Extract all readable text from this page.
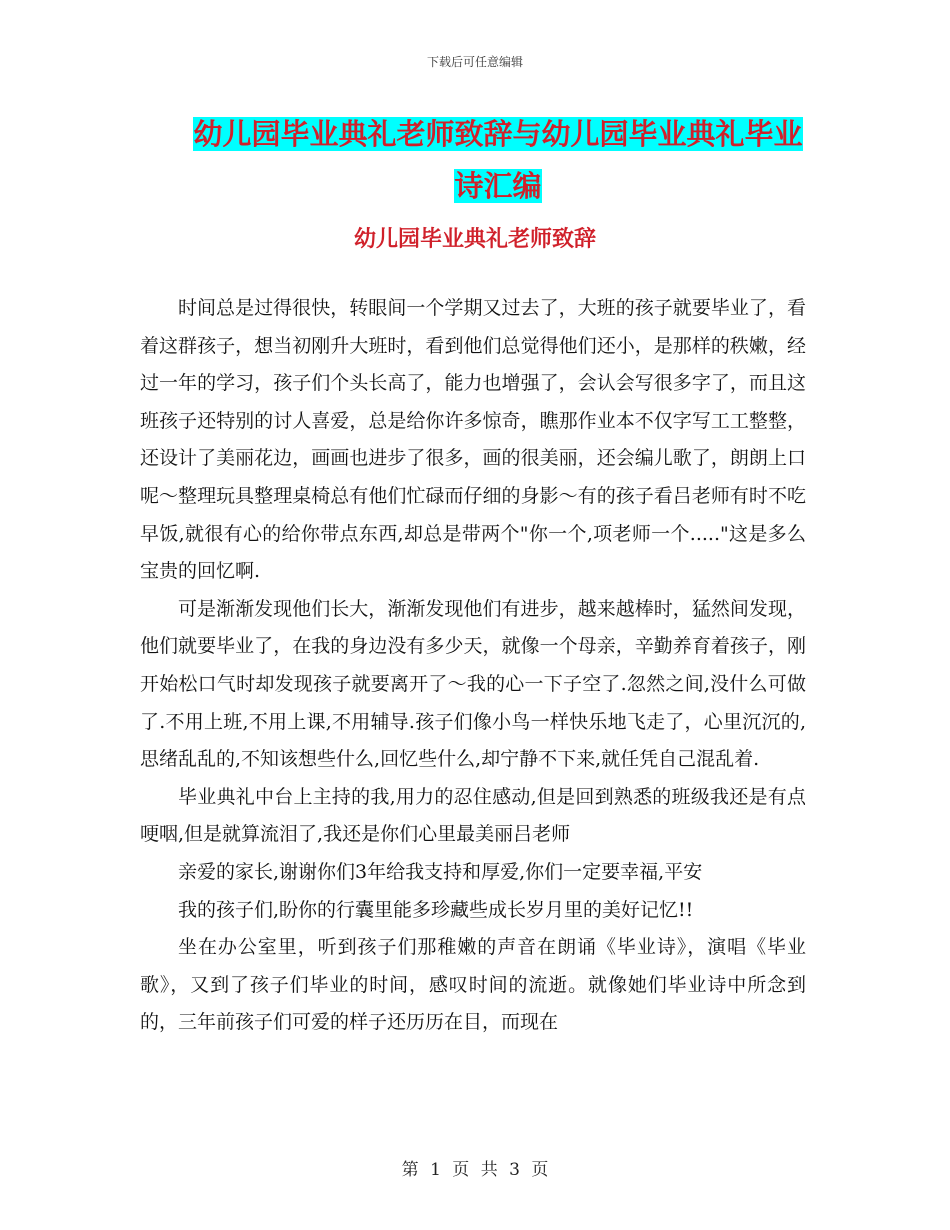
下载后可任意编辑
幼儿园毕业典礼老师致辞与幼儿园毕业典礼毕业诗汇编
幼儿园毕业典礼老师致辞

时间总是过得很快，转眼间一个学期又过去了，大班的孩子就要毕业了，看着这群孩子，想当初刚升大班时，看到他们总觉得他们还小，是那样的秩嫩，经过一年的学习，孩子们个头长高了，能力也增强了，会认会写很多字了，而且这班孩子还特别的讨人喜爱，总是给你许多惊奇，瞧那作业本不仅字写工工整整，还设计了美丽花边，画画也进步了很多，画的很美丽，还会编儿歌了，朗朗上口呢～整理玩具整理桌椅总有他们忙碌而仔细的身影～有的孩子看吕老师有时不吃早饭,就很有心的给你带点东西,却总是带两个"你一个,项老师一个....."这是多么宝贵的回忆啊.

可是渐渐发现他们长大，渐渐发现他们有进步，越来越棒时，猛然间发现，他们就要毕业了，在我的身边没有多少天，就像一个母亲，辛勤养育着孩子，刚开始松口气时却发现孩子就要离开了～我的心一下子空了.忽然之间,没什么可做了.不用上班,不用上课,不用辅导.孩子们像小鸟一样快乐地飞走了，心里沉沉的,思绪乱乱的,不知该想些什么,回忆些什么,却宁静不下来,就任凭自己混乱着.

毕业典礼中台上主持的我,用力的忍住感动,但是回到熟悉的班级我还是有点哽咽,但是就算流泪了,我还是你们心里最美丽吕老师

亲爱的家长,谢谢你们3年给我支持和厚爱,你们一定要幸福,平安

我的孩子们,盼你的行囊里能多珍藏些成长岁月里的美好记忆!!

坐在办公室里，听到孩子们那稚嫩的声音在朗诵《毕业诗》，演唱《毕业歌》，又到了孩子们毕业的时间，感叹时间的流逝。就像她们毕业诗中所念到的，三年前孩子们可爱的样子还历历在目，而现在

第 1 页 共 3 页
